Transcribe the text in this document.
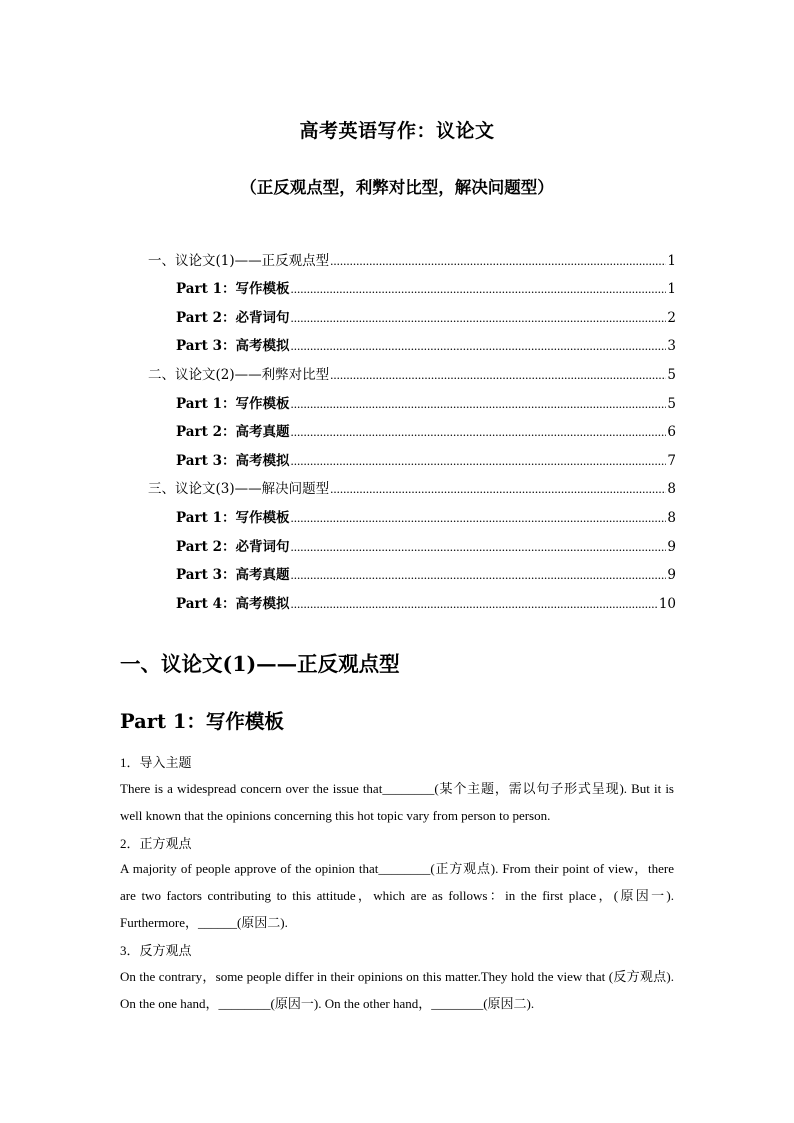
高考英语写作：议论文
（正反观点型，利弊对比型，解决问题型）
一、议论文(1)——正反观点型 .....	1
Part 1：写作模板 .....	1
Part 2：必背词句 .....	2
Part 3：高考模拟 .....	3
二、议论文(2)——利弊对比型 .....	5
Part 1：写作模板 .....	5
Part 2：高考真题 .....	6
Part 3：高考模拟 .....	7
三、议论文(3)——解决问题型 .....	8
Part 1：写作模板 .....	8
Part 2：必背词句 .....	9
Part 3：高考真题 .....	9
Part 4：高考模拟 .....	10
一、议论文(1)——正反观点型
Part 1：写作模板
1．导入主题
There is a widespread concern over the issue that________(某个主题，需以句子形式呈现). But it is well known that the opinions concerning this hot topic vary from person to person.
2．正方观点
A majority of people approve of the opinion that________(正方观点). From their point of view，there are two factors contributing to this attitude，which are as follows：in the first place，(原因一). Furthermore，______(原因二).
3．反方观点
On the contrary，some people differ in their opinions on this matter.They hold the view that (反方观点). On the one hand，________(原因一). On the other hand，________(原因二).
